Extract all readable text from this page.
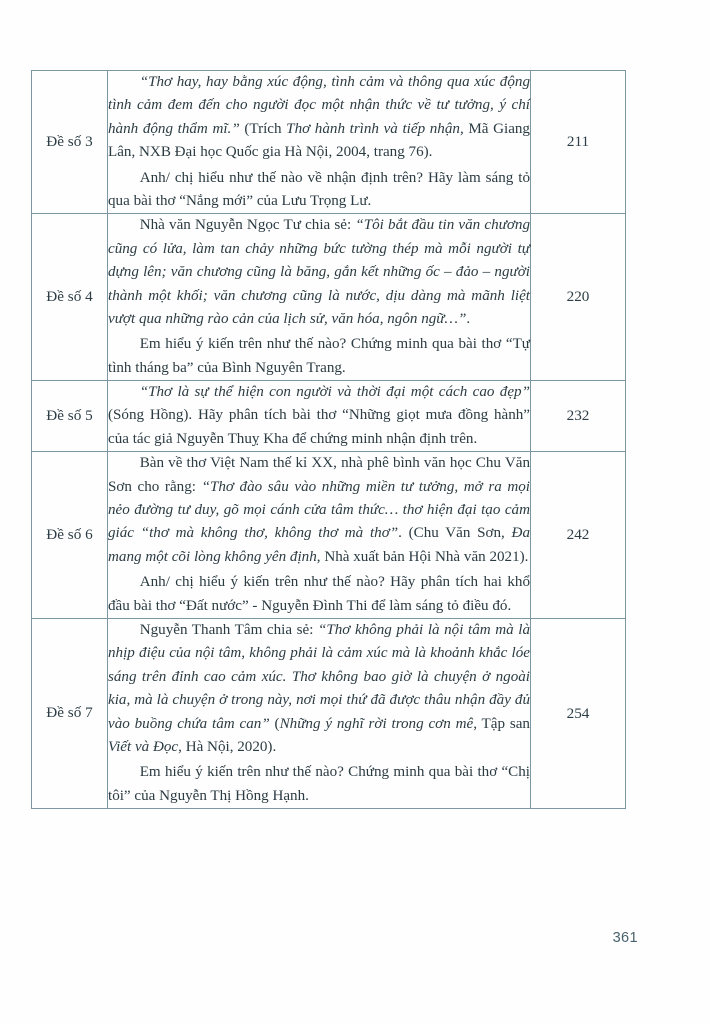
Đề số 3	“Thơ hay, hay bằng xúc động, tình cảm và thông qua xúc động tình cảm đem đến cho người đọc một nhận thức về tư tưởng, ý chí hành động thẩm mĩ.” (Trích Thơ hành trình và tiếp nhận, Mã Giang Lân, NXB Đại học Quốc gia Hà Nội, 2004, trang 76).

Anh/ chị hiểu như thế nào về nhận định trên? Hãy làm sáng tỏ qua bài thơ “Nắng mới” của Lưu Trọng Lư.	211
Đề số 4	Nhà văn Nguyễn Ngọc Tư chia sẻ: “Tôi bắt đầu tin văn chương cũng có lửa, làm tan chảy những bức tường thép mà mỗi người tự dựng lên; văn chương cũng là băng, gắn kết những ốc – đảo – người thành một khối; văn chương cũng là nước, dịu dàng mà mãnh liệt vượt qua những rào cản của lịch sử, văn hóa, ngôn ngữ…”.

Em hiểu ý kiến trên như thế nào? Chứng minh qua bài thơ “Tự tình tháng ba” của Bình Nguyên Trang.	220
Đề số 5	“Thơ là sự thể hiện con người và thời đại một cách cao đẹp” (Sóng Hồng). Hãy phân tích bài thơ “Những giọt mưa đồng hành” của tác giả Nguyễn Thuỵ Kha để chứng minh nhận định trên.	232
Đề số 6	Bàn về thơ Việt Nam thế kỉ XX, nhà phê bình văn học Chu Văn Sơn cho rằng: “Thơ đào sâu vào những miền tư tưởng, mở ra mọi nẻo đường tư duy, gõ mọi cánh cửa tâm thức… thơ hiện đại tạo cảm giác “thơ mà không thơ, không thơ mà thơ”. (Chu Văn Sơn, Đa mang một cõi lòng không yên định, Nhà xuất bản Hội Nhà văn 2021).

Anh/ chị hiểu ý kiến trên như thế nào? Hãy phân tích hai khổ đầu bài thơ “Đất nước” - Nguyễn Đình Thi để làm sáng tỏ điều đó.	242
Đề số 7	Nguyễn Thanh Tâm chia sẻ: “Thơ không phải là nội tâm mà là nhịp điệu của nội tâm, không phải là cảm xúc mà là khoảnh khắc lóe sáng trên đỉnh cao cảm xúc. Thơ không bao giờ là chuyện ở ngoài kia, mà là chuyện ở trong này, nơi mọi thứ đã được thâu nhận đầy đủ vào buồng chứa tâm can” (Những ý nghĩ rời trong cơn mê, Tập san Viết và Đọc, Hà Nội, 2020).

Em hiểu ý kiến trên như thế nào? Chứng minh qua bài thơ “Chị tôi” của Nguyễn Thị Hồng Hạnh.	254
361
